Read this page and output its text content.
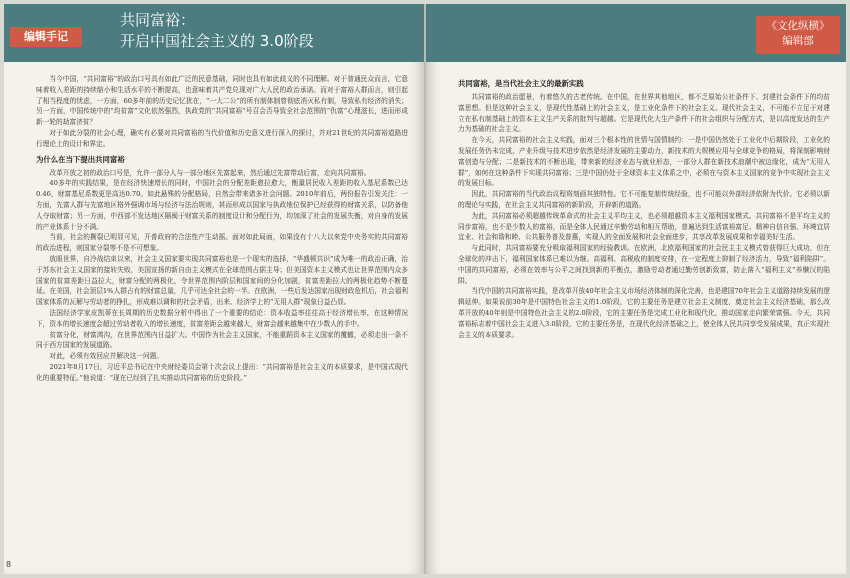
编辑手记
共同富裕：
开启中国社会主义的 3.0阶段
《文化纵横》
编辑部

当今中国，“共同富裕”的政治口号具有如此广泛的民意基础，同时也具有如此歧义的不同理解。对于普通民众而言，它意味着收入差距的持续缩小和生活水平的不断提高，也意味着共产党兑现对广大人民的政治承诺。而对于富裕人群而言，则引起了相当程度的忧虑，一方面，60多年前的历史记忆犹在，“一大二公”的所有制体制曾彻底消灭私有制，导致私有经济的消失；另一方面，中国传统中的“均贫富”文化依然强烈，执政党的“共同富裕”号召会否导致全社会范围的“仇富”心理滋长，进而形成新一轮的劫富济贫？

对于如此分裂的社会心理，确实有必要对共同富裕的当代价值和历史意义进行深入的探讨，并对21世纪的共同富裕道路进行理论上的设计和界定。

为什么在当下提出共同富裕

改革开放之初的政治口号是，允许一部分人与一部分地区先富起来，然后通过先富带动后富，走向共同富裕。

40多年的实践结果，是在经济快速增长的同时，中国社会的分配差距愈拉愈大，衡量居民收入差距的收入基尼系数已达0.46，财富基尼系数更是高达0.70。如此悬殊的分配格局，自然会带来诸多社会问题。2010年前后，两份报告引发关注：一方面，先富人群与先富地区格外强调市场与经济与法治规则，甚而形成以国家与执政地位保护已经获得的财富关系，以防备他人夺取财富；另一方面，中西部不发达地区隔阂于财富关系的制度设计和分配行为，均加深了社会的发展失衡，对自身的发展的产业体系十分不满。

当前，社会的撕裂已明显可见，开普政府的合法性产生动摇。面对如此局面，如果没有十八大以来党中央务实的共同富裕的政治进程，则国家分裂等不是不可想象。

放眼世界，自冷战结束以来，社会主义国家要实现共同富裕也是一个现实的选择，“华盛顿共识”成为唯一的政治正确，治于苏东社会主义国家的接转失败，美国宣扬的新自由主义模式在全球范围占据主导；但美国资本主义模式也让世界范围内众多国家的贫富差距日益拉大，财富分配的两极化，令世界范围内阶层和国家间的分化加剧，贫富差距拉大的两极化趋势不断蔓延。在美国，社会顶层1%人群占有的财富总量，几乎可达全社会的一半。在欧洲，一些后发达国家出现财政危机后，社会福利国家体系的瓦解与劳动者的挣扎，形成难以调和的社会矛盾，出来、经济学上的“无用人群”现象日益凸显。

法国经济学家皮凯蒂在长周期的历史数据分析中得出了一个重要的结论：资本收益率往往高于经济增长率，在这种情况下，资本的增长速度会超过劳动者收入的增长速度，贫富差距会越来越大，财富会越来越集中在少数人的手中。

贫富分化，财富鸿沟，在世界范围内日益扩大。中国作为社会主义国家，不能重蹈资本主义国家的覆辙，必须走出一条不同于西方国家的发展道路。

对此，必须有效回应并解决这一问题。

2021年8月17日，习近平总书记在中央财经委员会第十次会议上提出：“共同富裕是社会主义的本质要求，是中国式现代化的重要特征。”他说道：“现在已经到了扎实推动共同富裕的历史阶段。”

共同富裕，是当代社会主义的最新实践

共同富裕的政治愿景，有着悠久的古老传统。在中国，在世界其他地区，都不乏原始公社条件下、封建社会条件下的均贫富思想。但是这种社会主义，是现代性基础上的社会主义，是工业化条件下的社会主义。现代社会主义，不可能不立足于对建立在私有制基础上的资本主义生产关系的批判与超越。它是现代化大生产条件下的社会组织与分配方式，是以高度发达的生产力为基础的社会主义。

在今天，共同富裕的社会主义实践，面对三个根本性的世情与国情制约：一是中国仍然处于工业化中后期阶段，工业化的发展任务仍未完成，产业升级与技术进步依然是经济发展的主要动力，新技术的大规模应用与全球竞争的格局，将深刻影响财富创造与分配；二是新技术的不断出现，带来新的经济业态与就业形态，一部分人群在新技术浪潮中被边缘化，成为“无用人群”，如何在这种条件下实现共同富裕；三是中国仍处于全球资本主义体系之中，必须在与资本主义国家的竞争中实现社会主义的发展目标。

因此，共同富裕的当代政治议程将刻画其独特性。它不可能复制传统经验，也不可能以外部经济依附为代价。它必须以新的理论与实践，在社会主义共同富裕的新阶段，开辟新的道路。

为此，共同富裕必须超越传统革命式的社会主义平均主义，也必须超越资本主义福利国家模式。共同富裕不是平均主义的同步富裕，也不是少数人的富裕，而是全体人民通过辛勤劳动和相互帮助，普遍达到生活富裕富足、精神自信自强、环境宜居宜业、社会和谐和睦、公共服务普及普惠，实现人的全面发展和社会全面进步，共享改革发展成果和幸福美好生活。

与此同时，共同富裕要充分吸取福利国家的经验教训。在欧洲，北欧福利国家的社会民主主义模式曾获得巨大成功，但在全球化的冲击下，福利国家体系已难以为继。高福利、高税收的制度安排，在一定程度上抑制了经济活力，导致“福利陷阱”。中国的共同富裕，必须在效率与公平之间找到新的平衡点，激励劳动者通过勤劳创新致富，防止落入“福利主义”养懒汉的陷阱。

当代中国的共同富裕实践，是改革开放40年社会主义市场经济体制的深化完善，也是建国70年社会主义道路持续发展的逻辑延伸。如果说前30年是中国特色社会主义的1.0阶段，它的主要任务是建立社会主义制度，奠定社会主义经济基础，那么改革开放的40年则是中国特色社会主义的2.0阶段，它的主要任务是完成工业化和现代化，推动国家走向繁荣富强。今天，共同富裕标志着中国社会主义进入3.0阶段，它的主要任务是，在现代化经济基础之上，使全体人民共同享受发展成果，真正实现社会主义的本质要求。

8
